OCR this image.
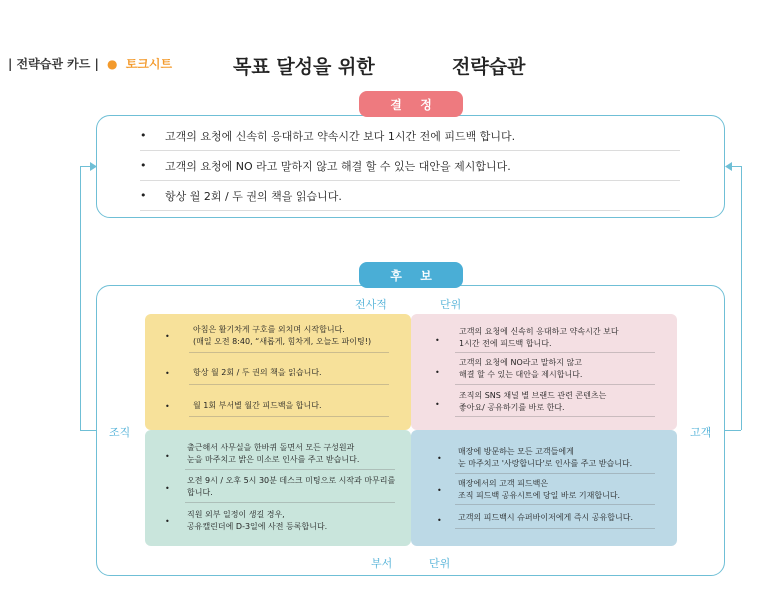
| 전략습관 카드 | ● 토크시트	목표 달성을 위한	전략습관
결 정
• 고객의 요청에 신속히 응대하고 약속시간 보다 1시간 전에 피드백 합니다.
• 고객의 요청에 NO 라고 말하지 않고 해결 할 수 있는 대안을 제시합니다.
• 항상 월 2회 / 두 권의 책을 읽습니다.
후 보
전사적	단위
부서	단위
조직	고객
•
아침은 활기차게 구호를 외치며 시작합니다.
(매일 오전 8:40, “새롭게, 힘차게, 오늘도 파이팅!)
•	항상 월 2회 / 두 권의 책을 읽습니다.
•	월 1회 부서별 월간 피드백을 합니다.
•
고객의 요청에 신속히 응대하고 약속시간 보다
1시간 전에 피드백 합니다.
•
고객의 요청에 NO라고 말하지 않고
해결 할 수 있는 대안을 제시합니다.
•
조직의 SNS 채널 별 브랜드 관련 콘텐츠는
좋아요/ 공유하기를 바로 한다.
•
출근해서 사무실을 한바퀴 돌면서 모든 구성원과
눈을 마주치고 밝은 미소로 인사를 주고 받습니다.
•
오전 9시 / 오후 5시 30분 데스크 미팅으로 시작과 마무리를
합니다.
•
직원 외부 일정이 생길 경우,
공유캘린더에 D-3일에 사전 등록합니다.
•
매장에 방문하는 모든 고객들에게
눈 마주치고 '사랑합니다'로 인사를 주고 받습니다.
•
매장에서의 고객 피드백은
조직 피드백 공유시트에 당일 바로 기재합니다.
• 고객의 피드백시 슈퍼바이저에게 즉시 공유합니다.
